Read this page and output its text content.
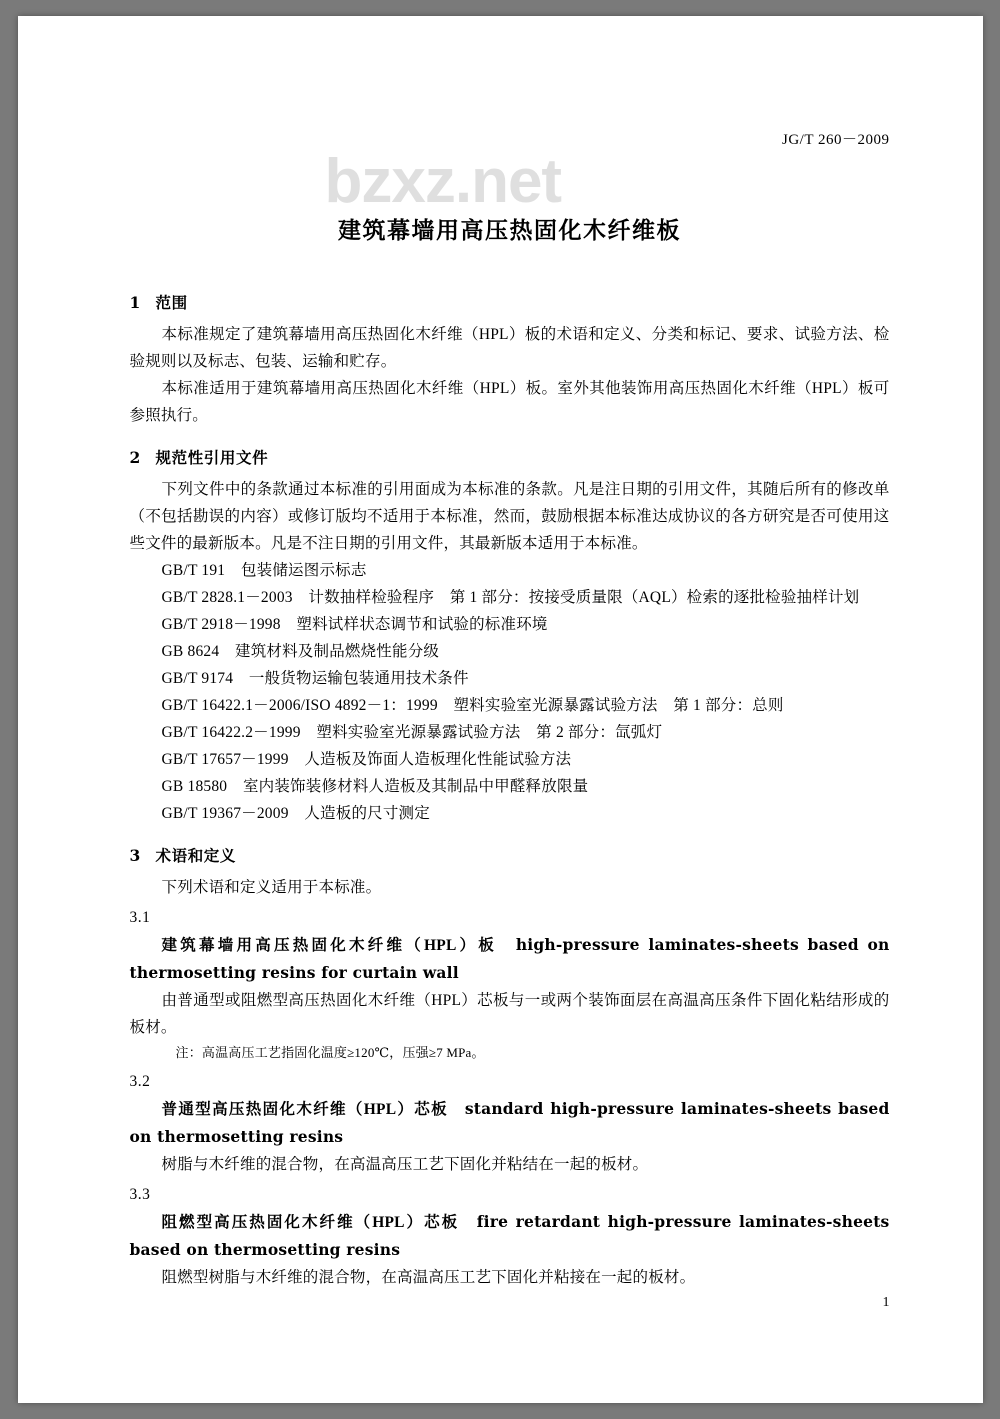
JG/T 260－2009
bzxz.net
建筑幕墙用高压热固化木纤维板
1 范围
本标准规定了建筑幕墙用高压热固化木纤维（HPL）板的术语和定义、分类和标记、要求、试验方法、检验规则以及标志、包装、运输和贮存。
本标准适用于建筑幕墙用高压热固化木纤维（HPL）板。室外其他装饰用高压热固化木纤维（HPL）板可参照执行。
2 规范性引用文件
下列文件中的条款通过本标准的引用面成为本标准的条款。凡是注日期的引用文件，其随后所有的修改单（不包括勘误的内容）或修订版均不适用于本标准，然而，鼓励根据本标准达成协议的各方研究是否可使用这些文件的最新版本。凡是不注日期的引用文件，其最新版本适用于本标准。
GB/T 191　包装储运图示标志
GB/T 2828.1－2003　计数抽样检验程序　第 1 部分：按接受质量限（AQL）检索的逐批检验抽样计划
GB/T 2918－1998　塑料试样状态调节和试验的标准环境
GB 8624　建筑材料及制品燃烧性能分级
GB/T 9174　一般货物运输包装通用技术条件
GB/T 16422.1－2006/ISO 4892－1：1999　塑料实验室光源暴露试验方法　第 1 部分：总则
GB/T 16422.2－1999　塑料实验室光源暴露试验方法　第 2 部分：氙弧灯
GB/T 17657－1999　人造板及饰面人造板理化性能试验方法
GB 18580　室内装饰装修材料人造板及其制品中甲醛释放限量
GB/T 19367－2009　人造板的尺寸测定
3 术语和定义
下列术语和定义适用于本标准。
3.1
建筑幕墙用高压热固化木纤维（HPL）板　 high-pressure laminates-sheets based on thermosetting resins for curtain wall
由普通型或阻燃型高压热固化木纤维（HPL）芯板与一或两个装饰面层在高温高压条件下固化粘结形成的板材。
注：高温高压工艺指固化温度≥120℃，压强≥7 MPa。
3.2
普通型高压热固化木纤维（HPL）芯板　 standard high-pressure laminates-sheets based on thermosetting resins
树脂与木纤维的混合物，在高温高压工艺下固化并粘结在一起的板材。
3.3
阻燃型高压热固化木纤维（HPL）芯板　 fire retardant high-pressure laminates-sheets based on thermosetting resins
阻燃型树脂与木纤维的混合物，在高温高压工艺下固化并粘接在一起的板材。
1
